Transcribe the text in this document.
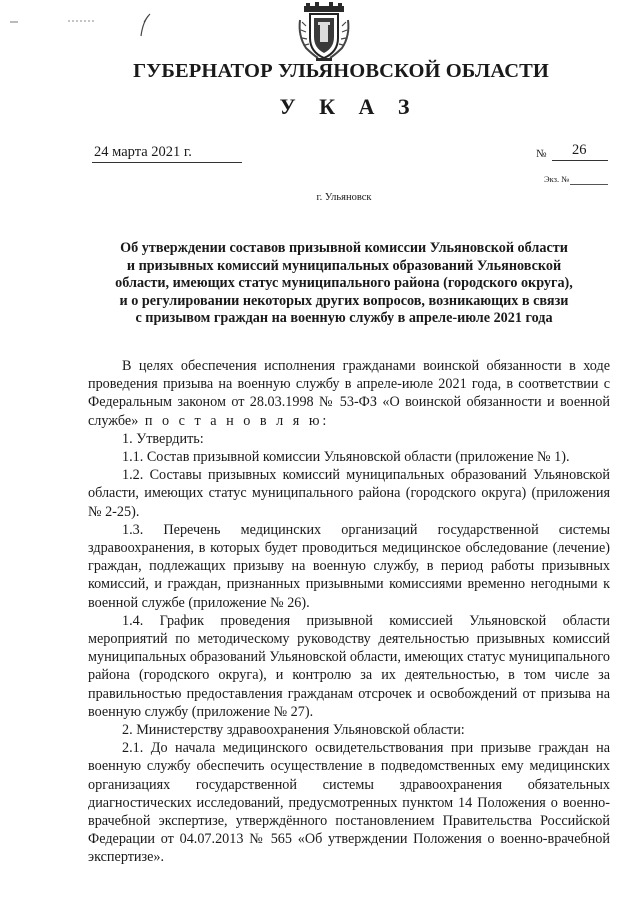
ГУБЕРНАТОР УЛЬЯНОВСКОЙ ОБЛАСТИ
У К А З
24 марта 2021 г.	№ 26
Экз. №
г. Ульяновск
Об утверждении составов призывной комиссии Ульяновской области
и призывных комиссий муниципальных образований Ульяновской
области, имеющих статус муниципального района (городского округа),
и о регулировании некоторых других вопросов, возникающих в связи
с призывом граждан на военную службу в апреле-июле 2021 года

В целях обеспечения исполнения гражданами воинской обязанности в ходе проведения призыва на военную службу в апреле-июле 2021 года, в соответствии с Федеральным законом от 28.03.1998 № 53-ФЗ «О воинской обязанности и военной службе» п о с т а н о в л я ю:

1. Утвердить:

1.1. Состав призывной комиссии Ульяновской области (приложение № 1).

1.2. Составы призывных комиссий муниципальных образований Ульяновской области, имеющих статус муниципального района (городского округа) (приложения № 2-25).

1.3. Перечень медицинских организаций государственной системы здравоохранения, в которых будет проводиться медицинское обследование (лечение) граждан, подлежащих призыву на военную службу, в период работы призывных комиссий, и граждан, признанных призывными комиссиями временно негодными к военной службе (приложение № 26).

1.4. График проведения призывной комиссией Ульяновской области мероприятий по методическому руководству деятельностью призывных комиссий муниципальных образований Ульяновской области, имеющих статус муниципального района (городского округа), и контролю за их деятельностью, в том числе за правильностью предоставления гражданам отсрочек и освобождений от призыва на военную службу (приложение № 27).

2. Министерству здравоохранения Ульяновской области:

2.1. До начала медицинского освидетельствования при призыве граждан на военную службу обеспечить осуществление в подведомственных ему медицинских организациях государственной системы здравоохранения обязательных диагностических исследований, предусмотренных пунктом 14 Положения о военно-врачебной экспертизе, утверждённого постановлением Правительства Российской Федерации от 04.07.2013 № 565 «Об утверждении Положения о военно-врачебной экспертизе».
